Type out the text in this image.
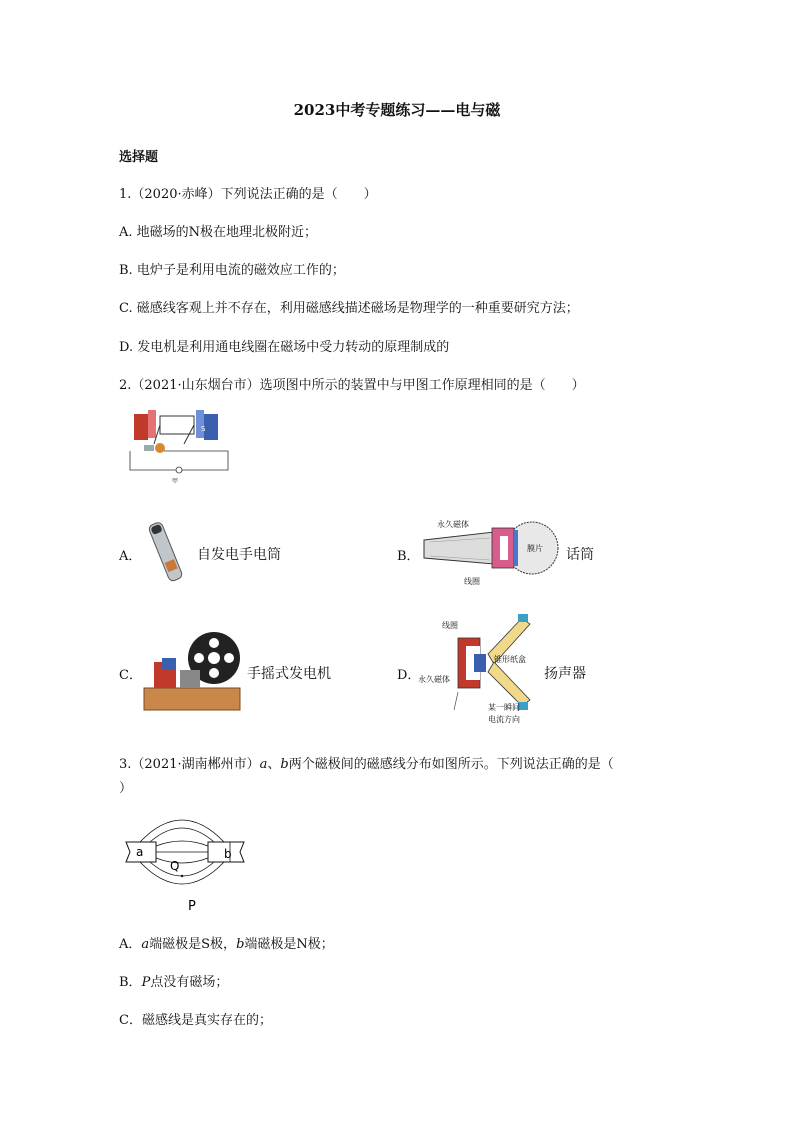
2023中考专题练习——电与磁
选择题
1.（2020·赤峰）下列说法正确的是（　　）
A. 地磁场的N极在地理北极附近；
B. 电炉子是利用电流的磁效应工作的；
C. 磁感线客观上并不存在，利用磁感线描述磁场是物理学的一种重要研究方法；
D. 发电机是利用通电线圈在磁场中受力转动的原理制成的
2.（2021·山东烟台市）选项图中所示的装置中与甲图工作原理相同的是（　　）
S
甲
A．	自发电手电筒	B．
永久磁体
膜片
线圈
话筒
C．	手摇式发电机	D．
线圈
锥形纸盒
永久磁体
某一瞬间
电流方向
扬声器
3.（2021·湖南郴州市）a、b两个磁极间的磁感线分布如图所示。下列说法正确的是（
）
a	b
Q
P
A．a端磁极是S极，b端磁极是N极；
B．P点没有磁场；
C．磁感线是真实存在的；
